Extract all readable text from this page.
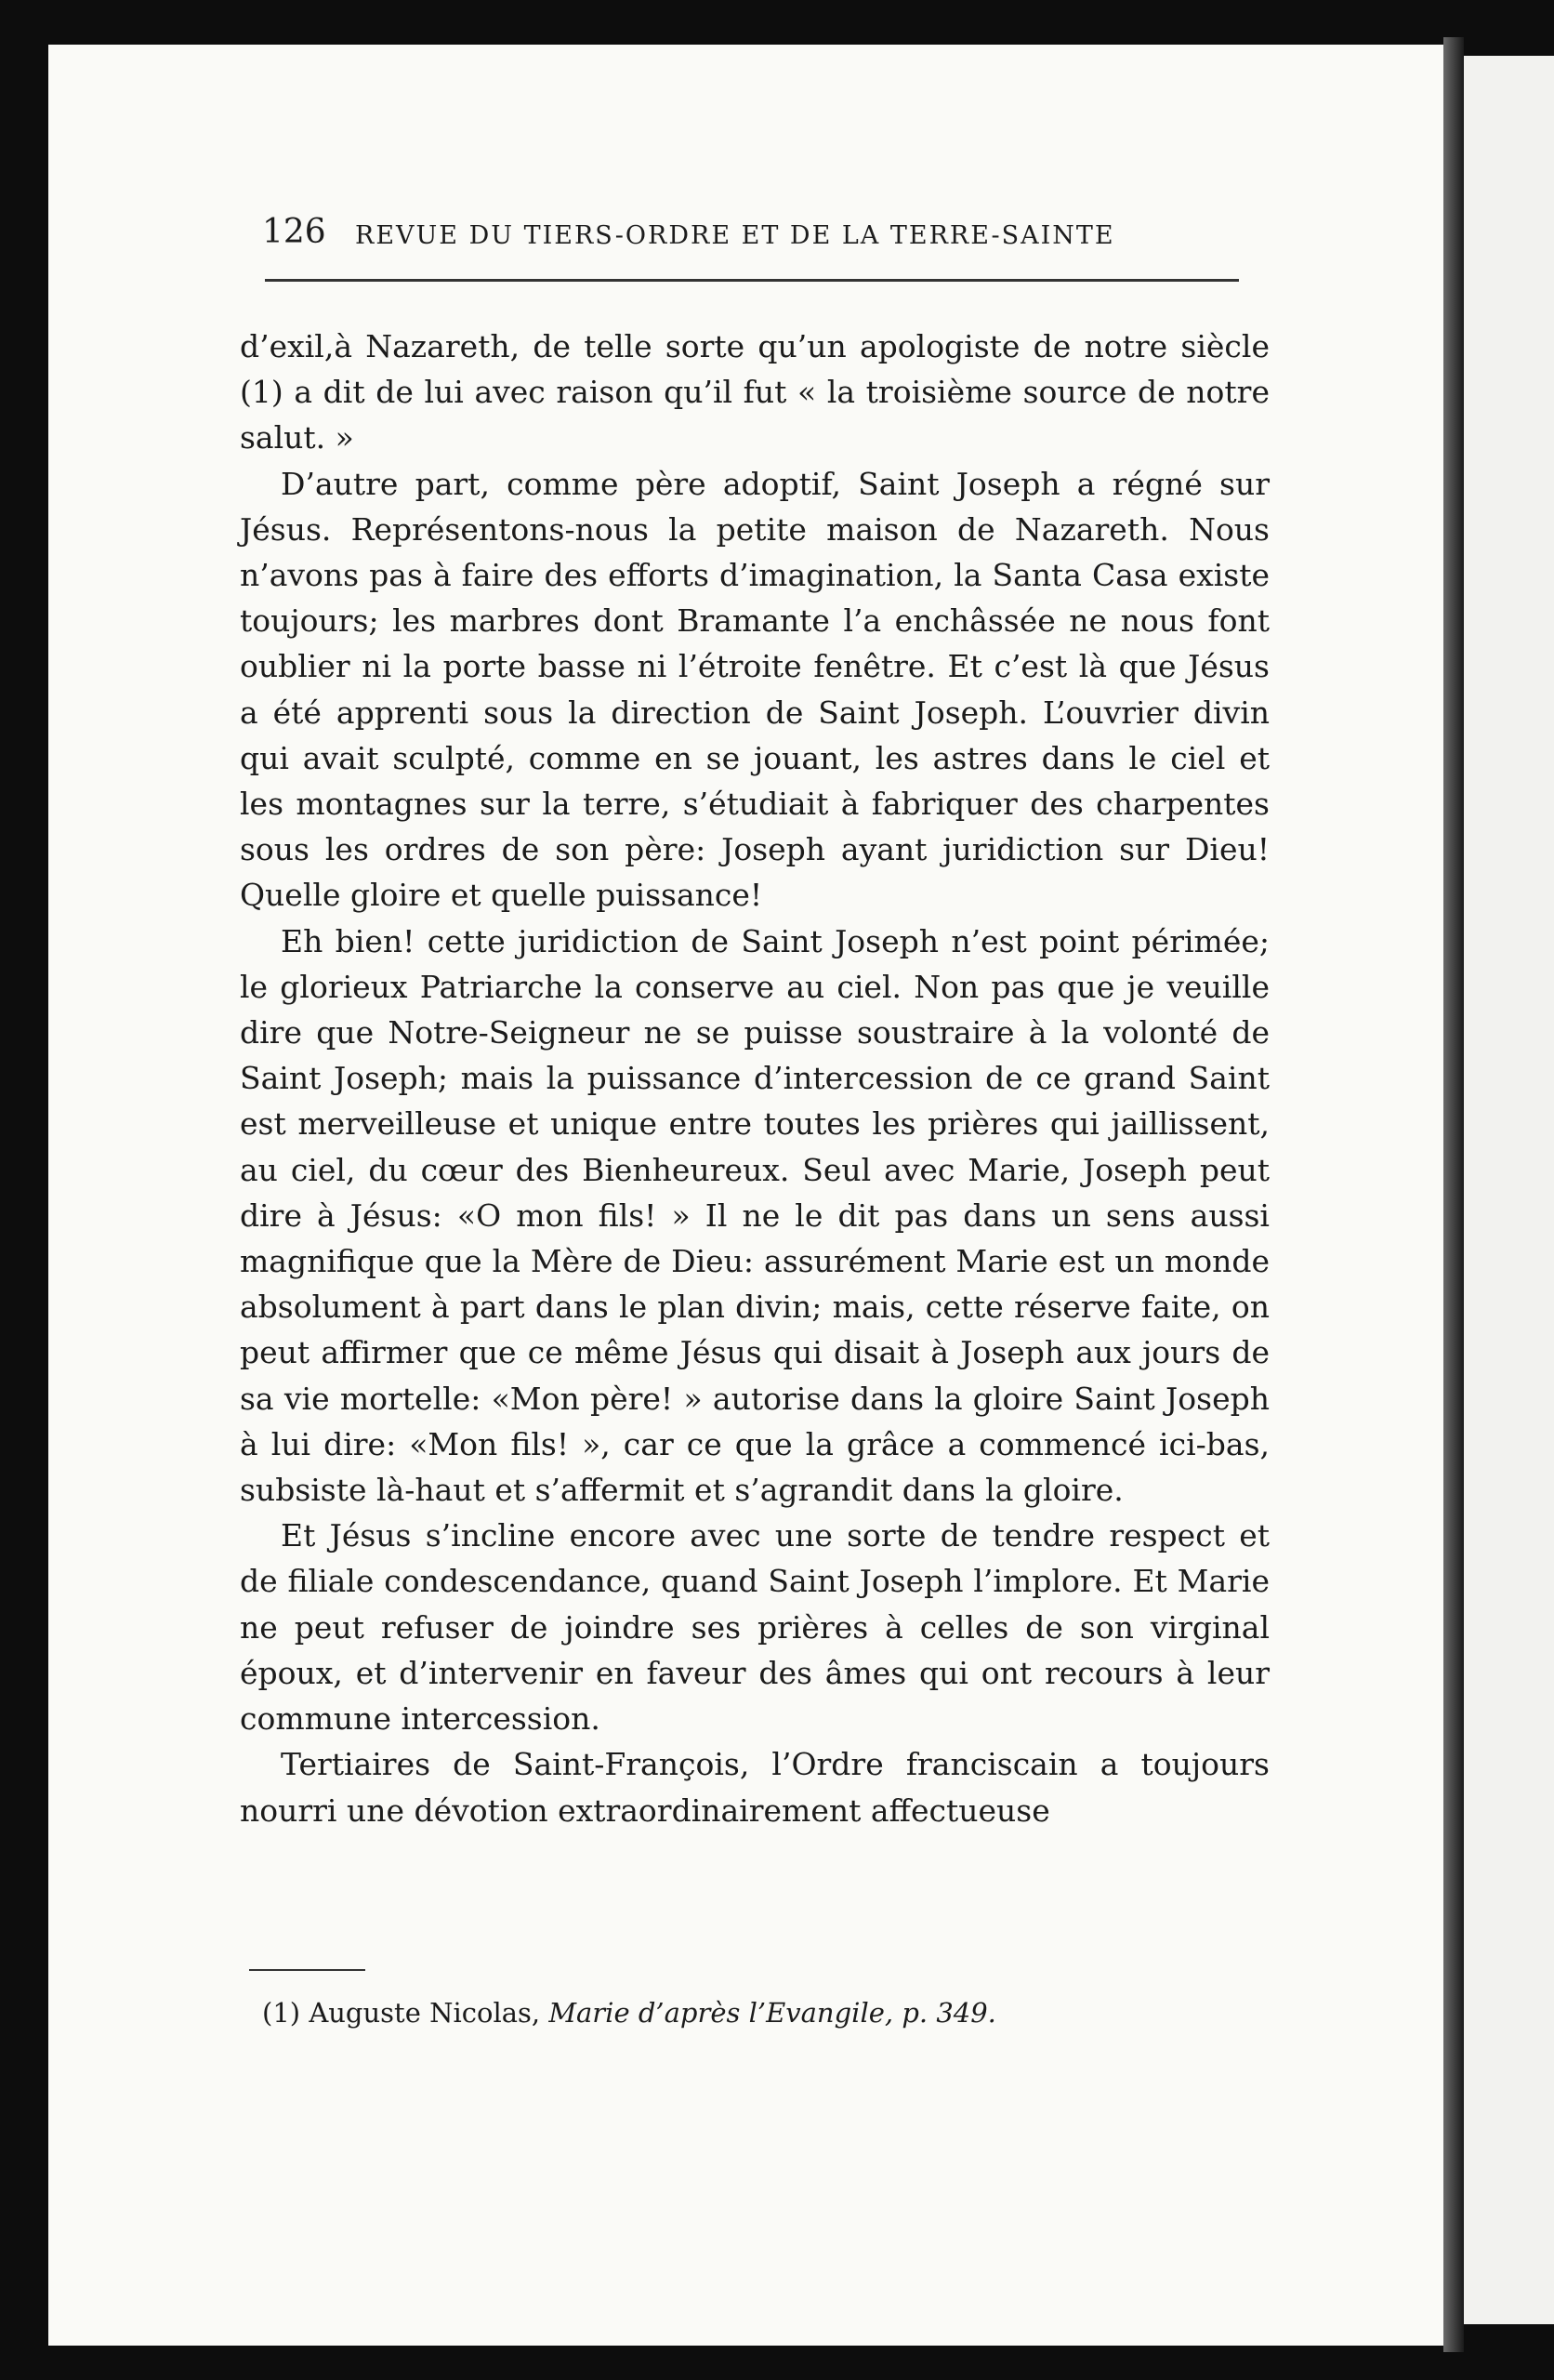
126 REVUE DU TIERS-ORDRE ET DE LA TERRE-SAINTE

d’exil,à Nazareth, de telle sorte qu’un apologiste de notre siècle (1) a dit de lui avec raison qu’il fut « la troisième source de notre salut. »

D’autre part, comme père adoptif, Saint Joseph a régné sur Jésus. Représentons-nous la petite maison de Nazareth. Nous n’avons pas à faire des efforts d’imagination, la Santa Casa existe toujours; les marbres dont Bramante l’a enchâssée ne nous font oublier ni la porte basse ni l’étroite fenêtre. Et c’est là que Jésus a été apprenti sous la direction de Saint Joseph. L’ouvrier divin qui avait sculpté, comme en se jouant, les astres dans le ciel et les montagnes sur la terre, s’étudiait à fabriquer des charpentes sous les ordres de son père: Joseph ayant juridiction sur Dieu! Quelle gloire et quelle puissance!

Eh bien! cette juridiction de Saint Joseph n’est point périmée; le glorieux Patriarche la conserve au ciel. Non pas que je veuille dire que Notre-Seigneur ne se puisse soustraire à la volonté de Saint Joseph; mais la puissance d’intercession de ce grand Saint est merveilleuse et unique entre toutes les prières qui jaillissent, au ciel, du cœur des Bienheureux. Seul avec Marie, Joseph peut dire à Jésus: «O mon fils! » Il ne le dit pas dans un sens aussi magnifique que la Mère de Dieu: assurément Marie est un monde absolument à part dans le plan divin; mais, cette réserve faite, on peut affirmer que ce même Jésus qui disait à Joseph aux jours de sa vie mortelle: «Mon père! » autorise dans la gloire Saint Joseph à lui dire: «Mon fils! », car ce que la grâce a commencé ici-bas, subsiste là-haut et s’affermit et s’agrandit dans la gloire.

Et Jésus s’incline encore avec une sorte de tendre respect et de filiale condescendance, quand Saint Joseph l’implore. Et Marie ne peut refuser de joindre ses prières à celles de son virginal époux, et d’intervenir en faveur des âmes qui ont recours à leur commune intercession.

Tertiaires de Saint-François, l’Ordre franciscain a toujours nourri une dévotion extraordinairement affectueuse

(1) Auguste Nicolas, Marie d’après l’Evangile, p. 349.
